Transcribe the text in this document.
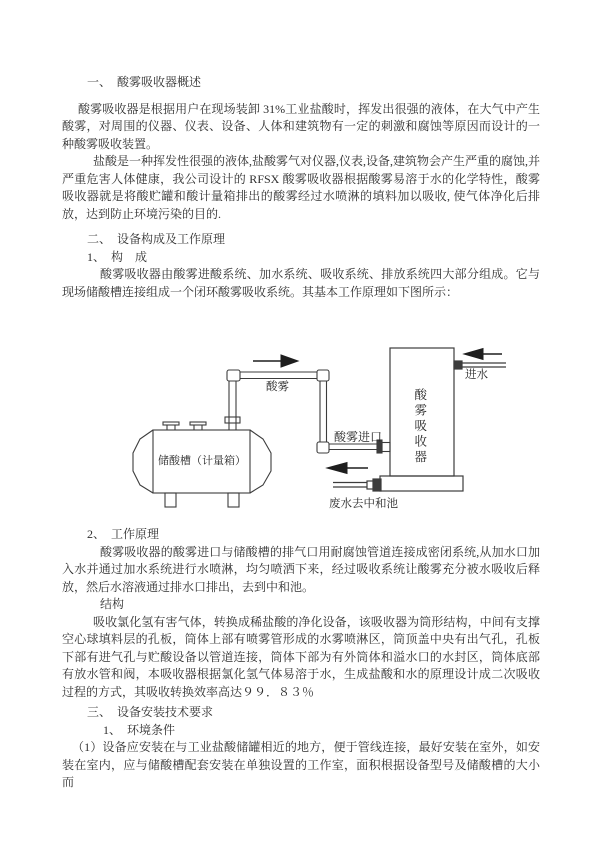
一、　酸雾吸收器概述

酸雾吸收器是根据用户在现场装卸 31%工业盐酸时，挥发出很强的液体，在大气中产生酸雾，对周围的仪器、仪表、设备、人体和建筑物有一定的刺激和腐蚀等原因而设计的一种酸雾吸收装置。

盐酸是一种挥发性很强的液体,盐酸雾气对仪器,仪表,设备,建筑物会产生严重的腐蚀,并严重危害人体健康，我公司设计的 RFSX 酸雾吸收器根据酸雾易溶于水的化学特性，酸雾吸收器就是将酸贮罐和酸计量箱排出的酸雾经过水喷淋的填料加以吸收, 使气体净化后排放，达到防止环境污染的目的.

二、　设备构成及工作原理

1、　构　成

酸雾吸收器由酸雾进酸系统、加水系统、吸收系统、排放系统四大部分组成。它与现场储酸槽连接组成一个闭环酸雾吸收系统。其基本工作原理如下图所示：

储酸槽（计量箱）
酸雾
酸雾进口
进水
酸雾吸收器
废水去中和池

2、　工作原理

酸雾吸收器的酸雾进口与储酸槽的排气口用耐腐蚀管道连接成密闭系统,从加水口加入水并通过加水系统进行水喷淋，均匀喷洒下来，经过吸收系统让酸雾充分被水吸收后释放，然后水溶液通过排水口排出，去到中和池。

结构

吸收氯化氢有害气体，转换成稀盐酸的净化设备，该吸收器为筒形结构，中间有支撑空心球填料层的孔板，筒体上部有喷雾管形成的水雾喷淋区，筒顶盖中央有出气孔，孔板下部有进气孔与贮酸设备以管道连接，筒体下部为有外筒体和溢水口的水封区，筒体底部有放水管和阀，本吸收器根据氯化氢气体易溶于水，生成盐酸和水的原理设计成二次吸收过程的方式，其吸收转换效率高达９９．８３％

三、　设备安装技术要求

1、　环境条件

（1）设备应安装在与工业盐酸储罐相近的地方，便于管线连接，最好安装在室外，如安装在室内，应与储酸槽配套安装在单独设置的工作室，面积根据设备型号及储酸槽的大小而
